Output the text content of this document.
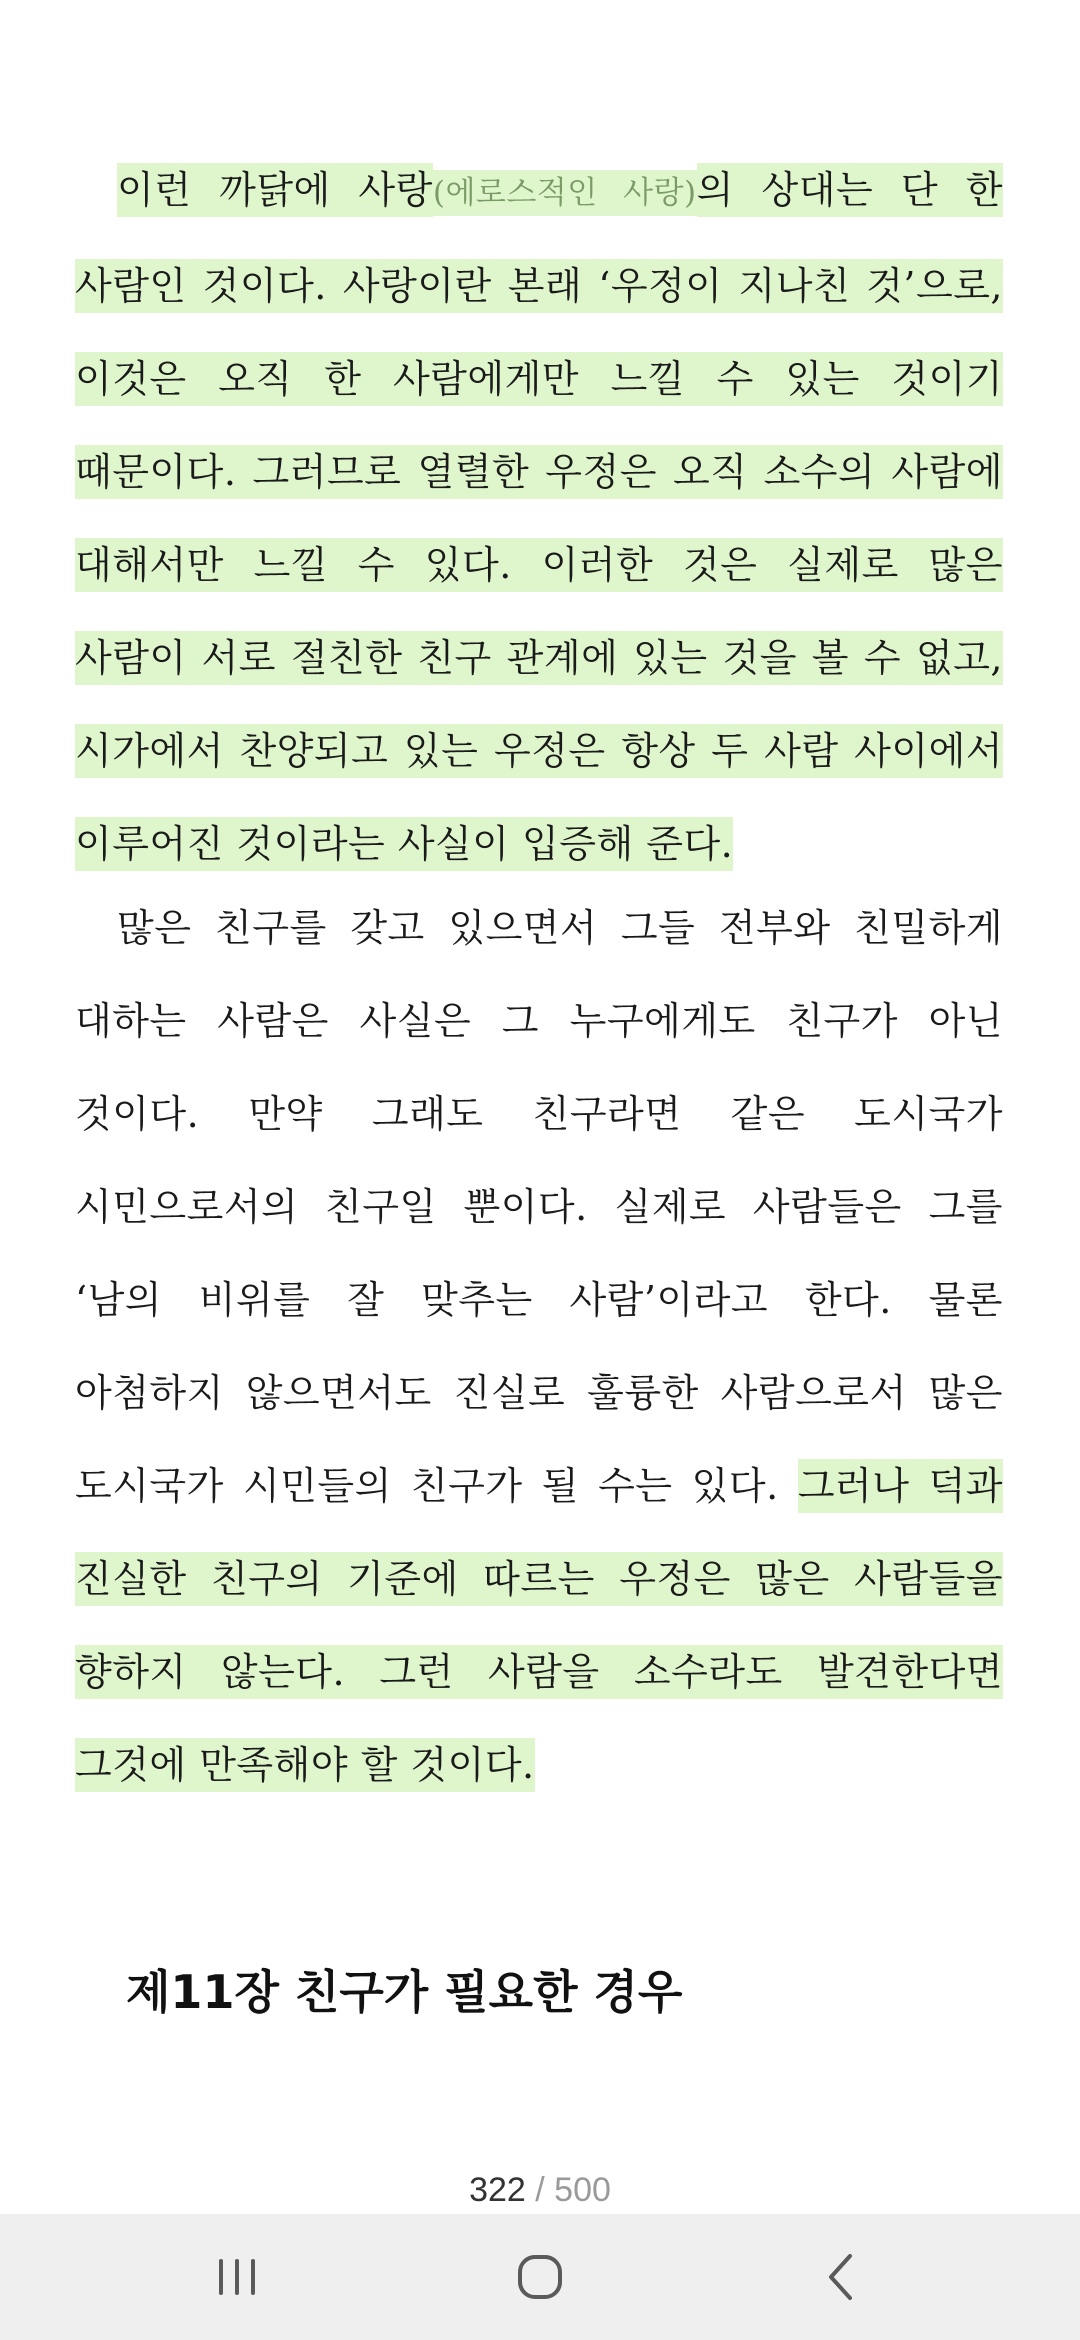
이런 까닭에 사랑(에로스적인 사랑)의 상대는 단 한 사람인 것이다. 사랑이란 본래 ‘우정이 지나친 것’으로, 이것은 오직 한 사람에게만 느낄 수 있는 것이기 때문이다. 그러므로 열렬한 우정은 오직 소수의 사람에 대해서만 느낄 수 있다. 이러한 것은 실제로 많은 사람이 서로 절친한 친구 관계에 있는 것을 볼 수 없고, 시가에서 찬양되고 있는 우정은 항상 두 사람 사이에서 이루어진 것이라는 사실이 입증해 준다.

많은 친구를 갖고 있으면서 그들 전부와 친밀하게 대하는 사람은 사실은 그 누구에게도 친구가 아닌 것이다. 만약 그래도 친구라면 같은 도시국가 시민으로서의 친구일 뿐이다. 실제로 사람들은 그를 ‘남의 비위를 잘 맞추는 사람’이라고 한다. 물론 아첨하지 않으면서도 진실로 훌륭한 사람으로서 많은 도시국가 시민들의 친구가 될 수는 있다. 그러나 덕과 진실한 친구의 기준에 따르는 우정은 많은 사람들을 향하지 않는다. 그런 사람을 소수라도 발견한다면 그것에 만족해야 할 것이다.

제11장 친구가 필요한 경우
322 / 500
